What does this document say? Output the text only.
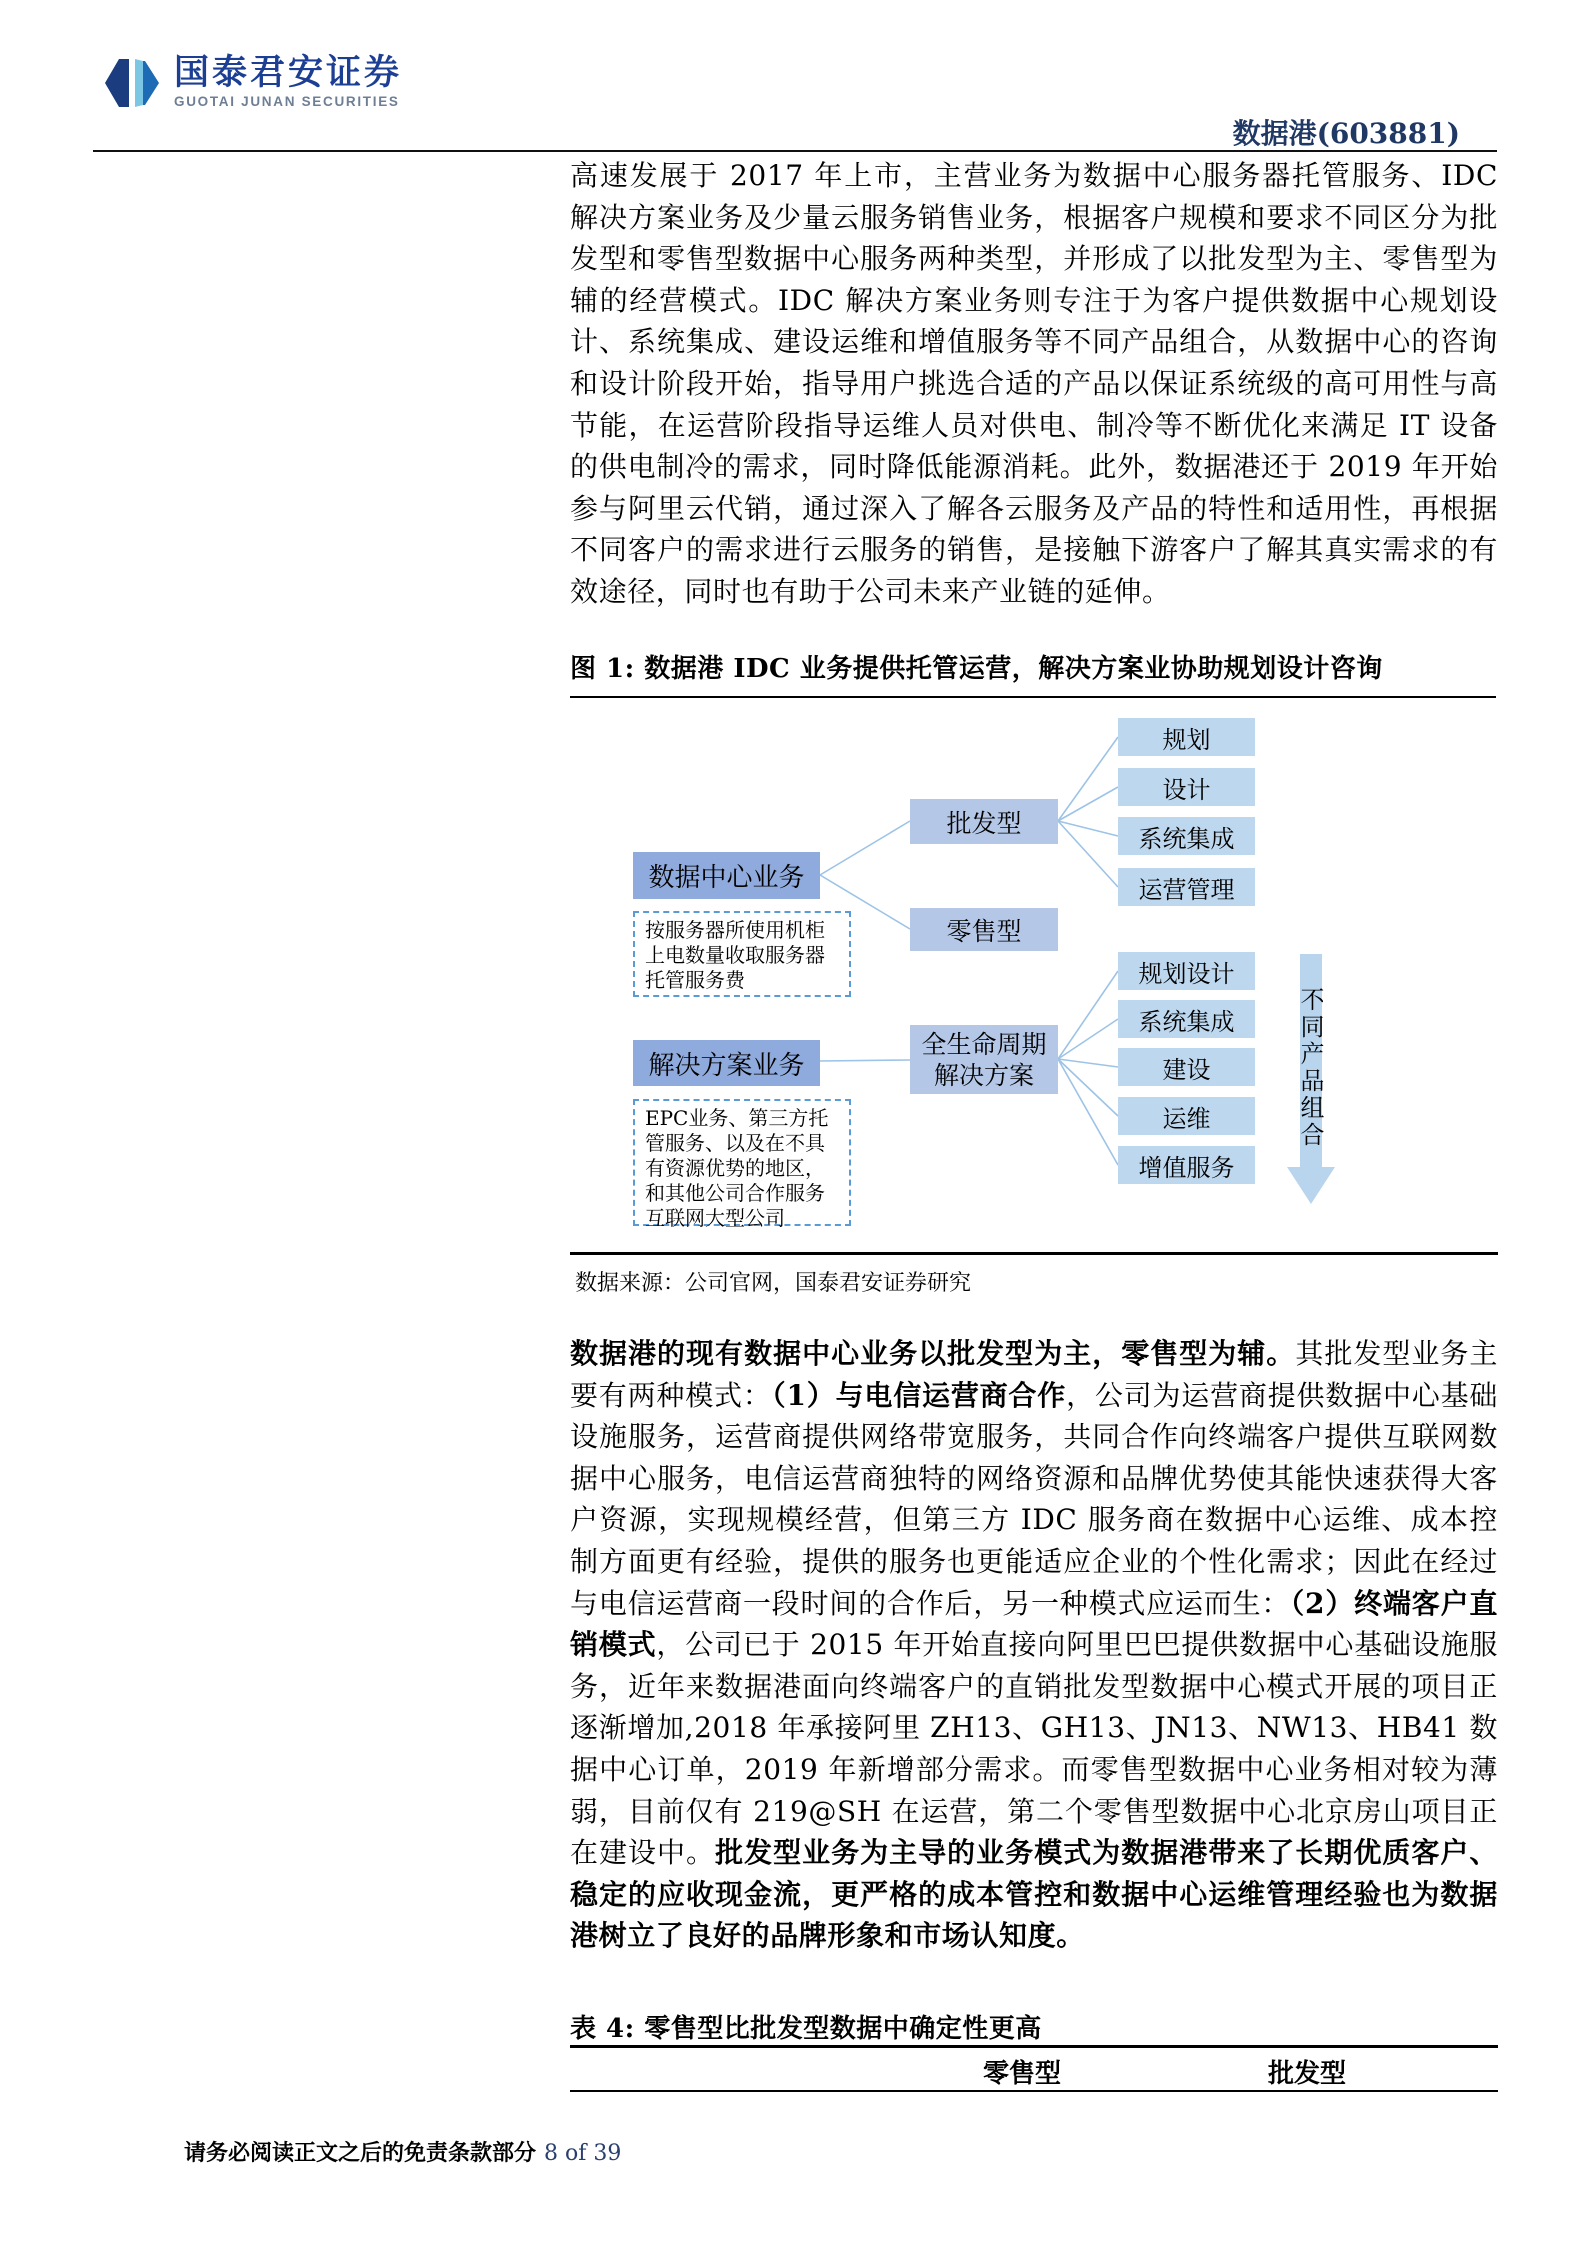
国泰君安证券
GUOTAI JUNAN SECURITIES
数据港(603881)
高速发展于 2017 年上市，主营业务为数据中心服务器托管服务、IDC 解决方案业务及少量云服务销售业务，根据客户规模和要求不同区分为批发型和零售型数据中心服务两种类型，并形成了以批发型为主、零售型为辅的经营模式。IDC 解决方案业务则专注于为客户提供数据中心规划设计、系统集成、建设运维和增值服务等不同产品组合，从数据中心的咨询和设计阶段开始，指导用户挑选合适的产品以保证系统级的高可用性与高节能，在运营阶段指导运维人员对供电、制冷等不断优化来满足 IT 设备的供电制冷的需求，同时降低能源消耗。此外，数据港还于 2019 年开始参与阿里云代销，通过深入了解各云服务及产品的特性和适用性，再根据不同客户的需求进行云服务的销售，是接触下游客户了解其真实需求的有效途径，同时也有助于公司未来产业链的延伸。
图 1: 数据港 IDC 业务提供托管运营，解决方案业协助规划设计咨询
数据中心业务
按服务器所使用机柜上电数量收取服务器托管服务费
解决方案业务
EPC业务、第三方托管服务、以及在不具有资源优势的地区，和其他公司合作服务互联网大型公司
批发型
零售型
全生命周期解决方案
规划
设计
系统集成
运营管理
规划设计
系统集成
建设
运维
增值服务
不同产品组合
数据来源：公司官网，国泰君安证券研究
数据港的现有数据中心业务以批发型为主，零售型为辅。其批发型业务主要有两种模式：（1）与电信运营商合作，公司为运营商提供数据中心基础设施服务，运营商提供网络带宽服务，共同合作向终端客户提供互联网数据中心服务，电信运营商独特的网络资源和品牌优势使其能快速获得大客户资源，实现规模经营，但第三方 IDC 服务商在数据中心运维、成本控制方面更有经验，提供的服务也更能适应企业的个性化需求；因此在经过与电信运营商一段时间的合作后，另一种模式应运而生：（2）终端客户直销模式，公司已于 2015 年开始直接向阿里巴巴提供数据中心基础设施服务，近年来数据港面向终端客户的直销批发型数据中心模式开展的项目正逐渐增加,2018 年承接阿里 ZH13、GH13、JN13、NW13、HB41 数据中心订单，2019 年新增部分需求。而零售型数据中心业务相对较为薄弱，目前仅有 219@SH 在运营，第二个零售型数据中心北京房山项目正在建设中。批发型业务为主导的业务模式为数据港带来了长期优质客户、稳定的应收现金流，更严格的成本管控和数据中心运维管理经验也为数据港树立了良好的品牌形象和市场认知度。
表 4: 零售型比批发型数据中确定性更高
零售型	批发型
请务必阅读正文之后的免责条款部分 8 of 39
